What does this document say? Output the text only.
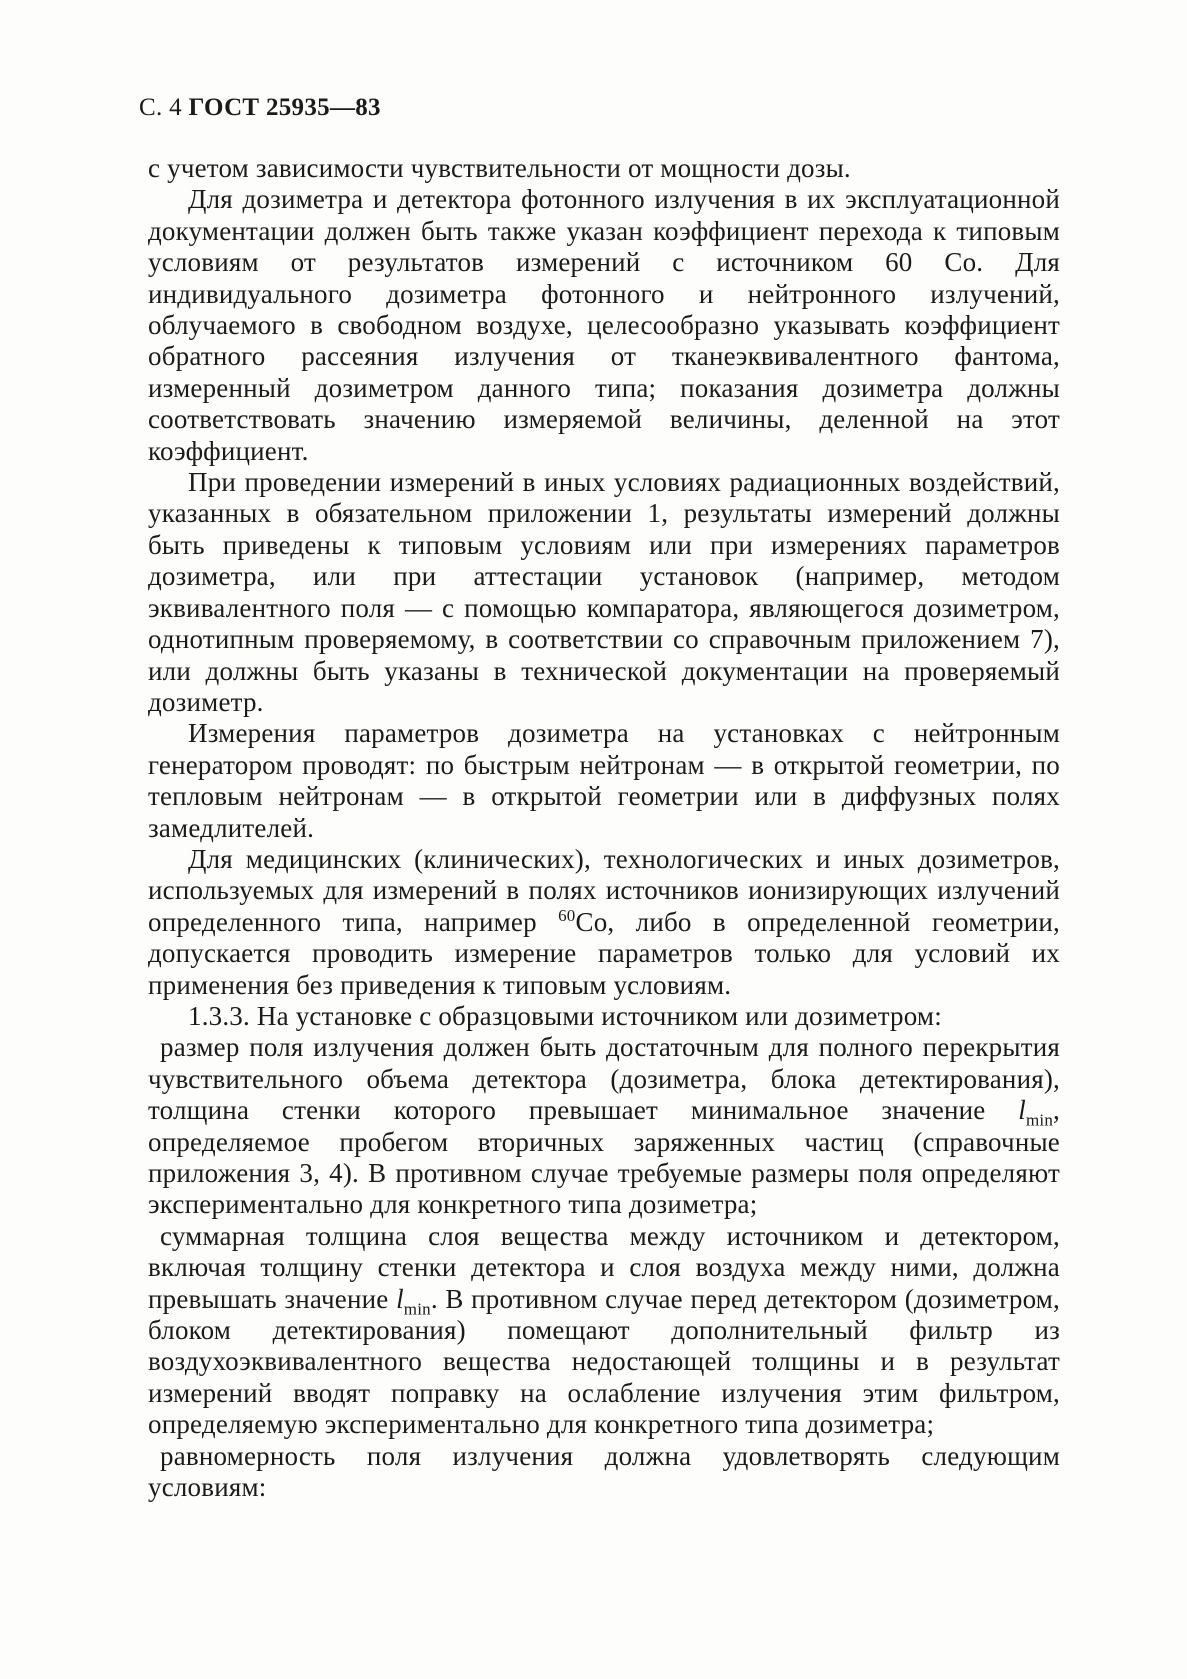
С. 4 ГОСТ 25935—83

с учетом зависимости чувствительности от мощности дозы.

Для дозиметра и детектора фотонного излучения в их эксплуатационной документации должен быть также указан коэффициент перехода к типовым условиям от результатов измерений с источником 60 Co. Для индивидуального дозиметра фотонного и нейтронного излучений, облучаемого в свободном воздухе, целесообразно указывать коэффициент обратного рассеяния излучения от тканеэквивалентного фантома, измеренный дозиметром данного типа; показания дозиметра должны соответствовать значению измеряемой величины, деленной на этот коэффициент.

При проведении измерений в иных условиях радиационных воздействий, указанных в обязательном приложении 1, результаты измерений должны быть приведены к типовым условиям или при измерениях параметров дозиметра, или при аттестации установок (например, методом эквивалентного поля — с помощью компаратора, являющегося дозиметром, однотипным проверяемому, в соответствии со справочным приложением 7), или должны быть указаны в технической документации на проверяемый дозиметр.

Измерения параметров дозиметра на установках с нейтронным генератором проводят: по быстрым нейтронам — в открытой геометрии, по тепловым нейтронам — в открытой геометрии или в диффузных полях замедлителей.

Для медицинских (клинических), технологических и иных дозиметров, используемых для измерений в полях источников ионизирующих излучений определенного типа, например $^{60}$Co, либо в определенной геометрии, допускается проводить измерение параметров только для условий их применения без приведения к типовым условиям.

1.3.3. На установке с образцовыми источником или дозиметром:

размер поля излучения должен быть достаточным для полного перекрытия чувствительного объема детектора (дозиметра, блока детектирования), толщина стенки которого превышает минимальное значение $l_{min}$, определяемое пробегом вторичных заряженных частиц (справочные приложения 3, 4). В противном случае требуемые размеры поля определяют экспериментально для конкретного типа дозиметра;

суммарная толщина слоя вещества между источником и детектором, включая толщину стенки детектора и слоя воздуха между ними, должна превышать значение $l_{min}$. В противном случае перед детектором (дозиметром, блоком детектирования) помещают дополнительный фильтр из воздухоэквивалентного вещества недостающей толщины и в результат измерений вводят поправку на ослабление излучения этим фильтром, определяемую экспериментально для конкретного типа дозиметра;

равномерность поля излучения должна удовлетворять следующим условиям:
